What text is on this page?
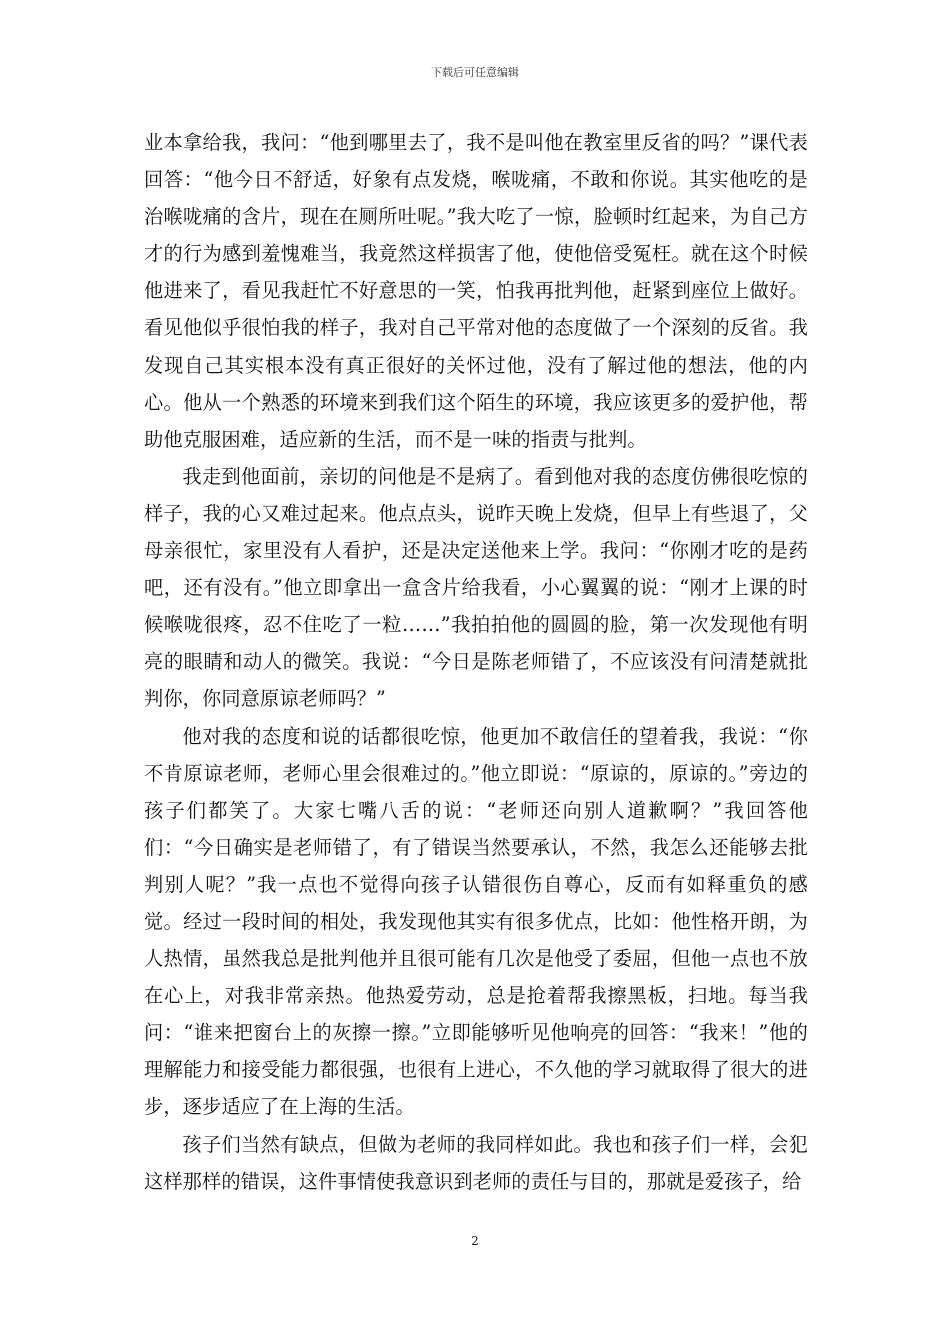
下载后可任意编辑

业本拿给我，我问：“他到哪里去了，我不是叫他在教室里反省的吗？”课代表回答：“他今日不舒适，好象有点发烧，喉咙痛，不敢和你说。其实他吃的是治喉咙痛的含片，现在在厕所吐呢。”我大吃了一惊，脸顿时红起来，为自己方才的行为感到羞愧难当，我竟然这样损害了他，使他倍受冤枉。就在这个时候他进来了，看见我赶忙不好意思的一笑，怕我再批判他，赶紧到座位上做好。看见他似乎很怕我的样子，我对自己平常对他的态度做了一个深刻的反省。我发现自己其实根本没有真正很好的关怀过他，没有了解过他的想法，他的内心。他从一个熟悉的环境来到我们这个陌生的环境，我应该更多的爱护他，帮助他克服困难，适应新的生活，而不是一味的指责与批判。

我走到他面前，亲切的问他是不是病了。看到他对我的态度仿佛很吃惊的样子，我的心又难过起来。他点点头，说昨天晚上发烧，但早上有些退了，父母亲很忙，家里没有人看护，还是决定送他来上学。我问：“你刚才吃的是药吧，还有没有。”他立即拿出一盒含片给我看，小心翼翼的说：“刚才上课的时候喉咙很疼，忍不住吃了一粒……”我拍拍他的圆圆的脸，第一次发现他有明亮的眼睛和动人的微笑。我说：“今日是陈老师错了，不应该没有问清楚就批判你，你同意原谅老师吗？”

他对我的态度和说的话都很吃惊，他更加不敢信任的望着我，我说：“你不肯原谅老师，老师心里会很难过的。”他立即说：“原谅的，原谅的。”旁边的孩子们都笑了。大家七嘴八舌的说：“老师还向别人道歉啊？”我回答他们：“今日确实是老师错了，有了错误当然要承认，不然，我怎么还能够去批判别人呢？”我一点也不觉得向孩子认错很伤自尊心，反而有如释重负的感觉。经过一段时间的相处，我发现他其实有很多优点，比如：他性格开朗，为人热情，虽然我总是批判他并且很可能有几次是他受了委屈，但他一点也不放在心上，对我非常亲热。他热爱劳动，总是抢着帮我擦黑板，扫地。每当我问：“谁来把窗台上的灰擦一擦。”立即能够听见他响亮的回答：“我来！”他的理解能力和接受能力都很强，也很有上进心，不久他的学习就取得了很大的进步，逐步适应了在上海的生活。

孩子们当然有缺点，但做为老师的我同样如此。我也和孩子们一样，会犯这样那样的错误，这件事情使我意识到老师的责任与目的，那就是爱孩子，给

2
